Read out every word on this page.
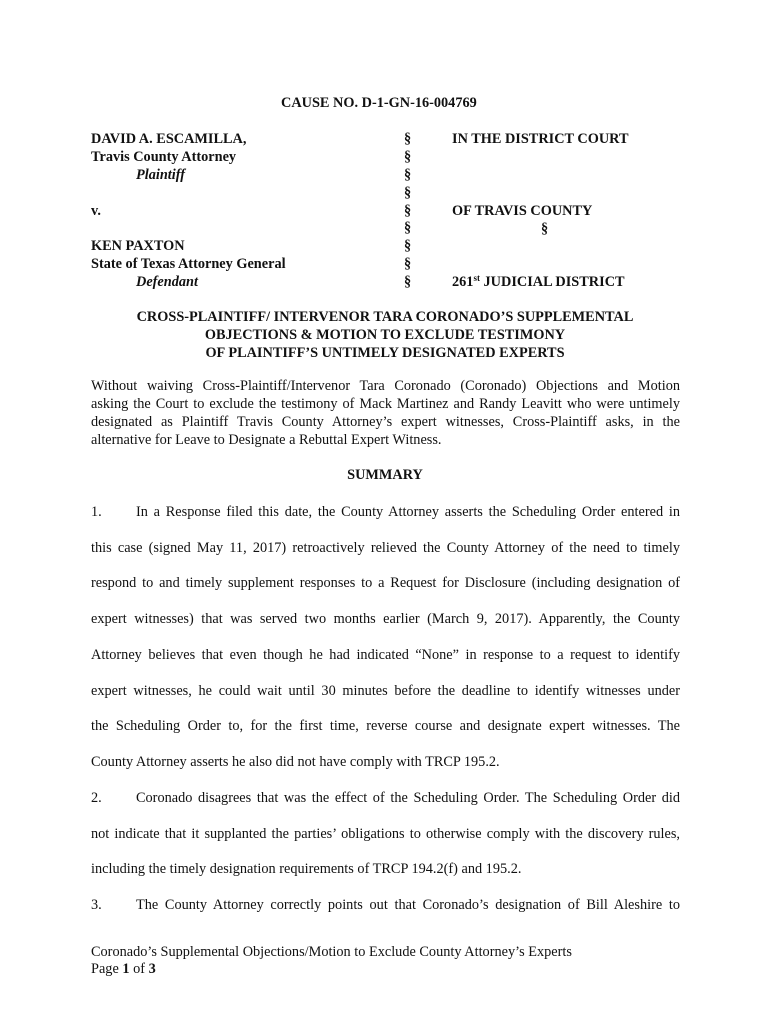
CAUSE NO. D-1-GN-16-004769
DAVID A. ESCAMILLA,
Travis County Attorney
Plaintiff
v.
KEN PAXTON
State of Texas Attorney General
Defendant
§
§
§
§
§
§
§
§
§
IN THE DISTRICT COURT
OF TRAVIS COUNTY
§
261st JUDICIAL DISTRICT
CROSS-PLAINTIFF/ INTERVENOR TARA CORONADO’S SUPPLEMENTAL
OBJECTIONS & MOTION TO EXCLUDE TESTIMONY
OF PLAINTIFF’S UNTIMELY DESIGNATED EXPERTS
Without waiving Cross-Plaintiff/Intervenor Tara Coronado (Coronado) Objections and Motion
asking the Court to exclude the testimony of Mack Martinez and Randy Leavitt who were untimely
designated as Plaintiff Travis County Attorney’s expert witnesses, Cross-Plaintiff asks, in the
alternative for Leave to Designate a Rebuttal Expert Witness.
SUMMARY
1. In a Response filed this date, the County Attorney asserts the Scheduling Order entered in
this case (signed May 11, 2017) retroactively relieved the County Attorney of the need to timely
respond to and timely supplement responses to a Request for Disclosure (including designation of
expert witnesses) that was served two months earlier (March 9, 2017). Apparently, the County
Attorney believes that even though he had indicated “None” in response to a request to identify
expert witnesses, he could wait until 30 minutes before the deadline to identify witnesses under
the Scheduling Order to, for the first time, reverse course and designate expert witnesses. The
County Attorney asserts he also did not have comply with TRCP 195.2.
2. Coronado disagrees that was the effect of the Scheduling Order. The Scheduling Order did
not indicate that it supplanted the parties’ obligations to otherwise comply with the discovery rules,
including the timely designation requirements of TRCP 194.2(f) and 195.2.
3. The County Attorney correctly points out that Coronado’s designation of Bill Aleshire to
Coronado’s Supplemental Objections/Motion to Exclude County Attorney’s Experts
Page 1 of 3
